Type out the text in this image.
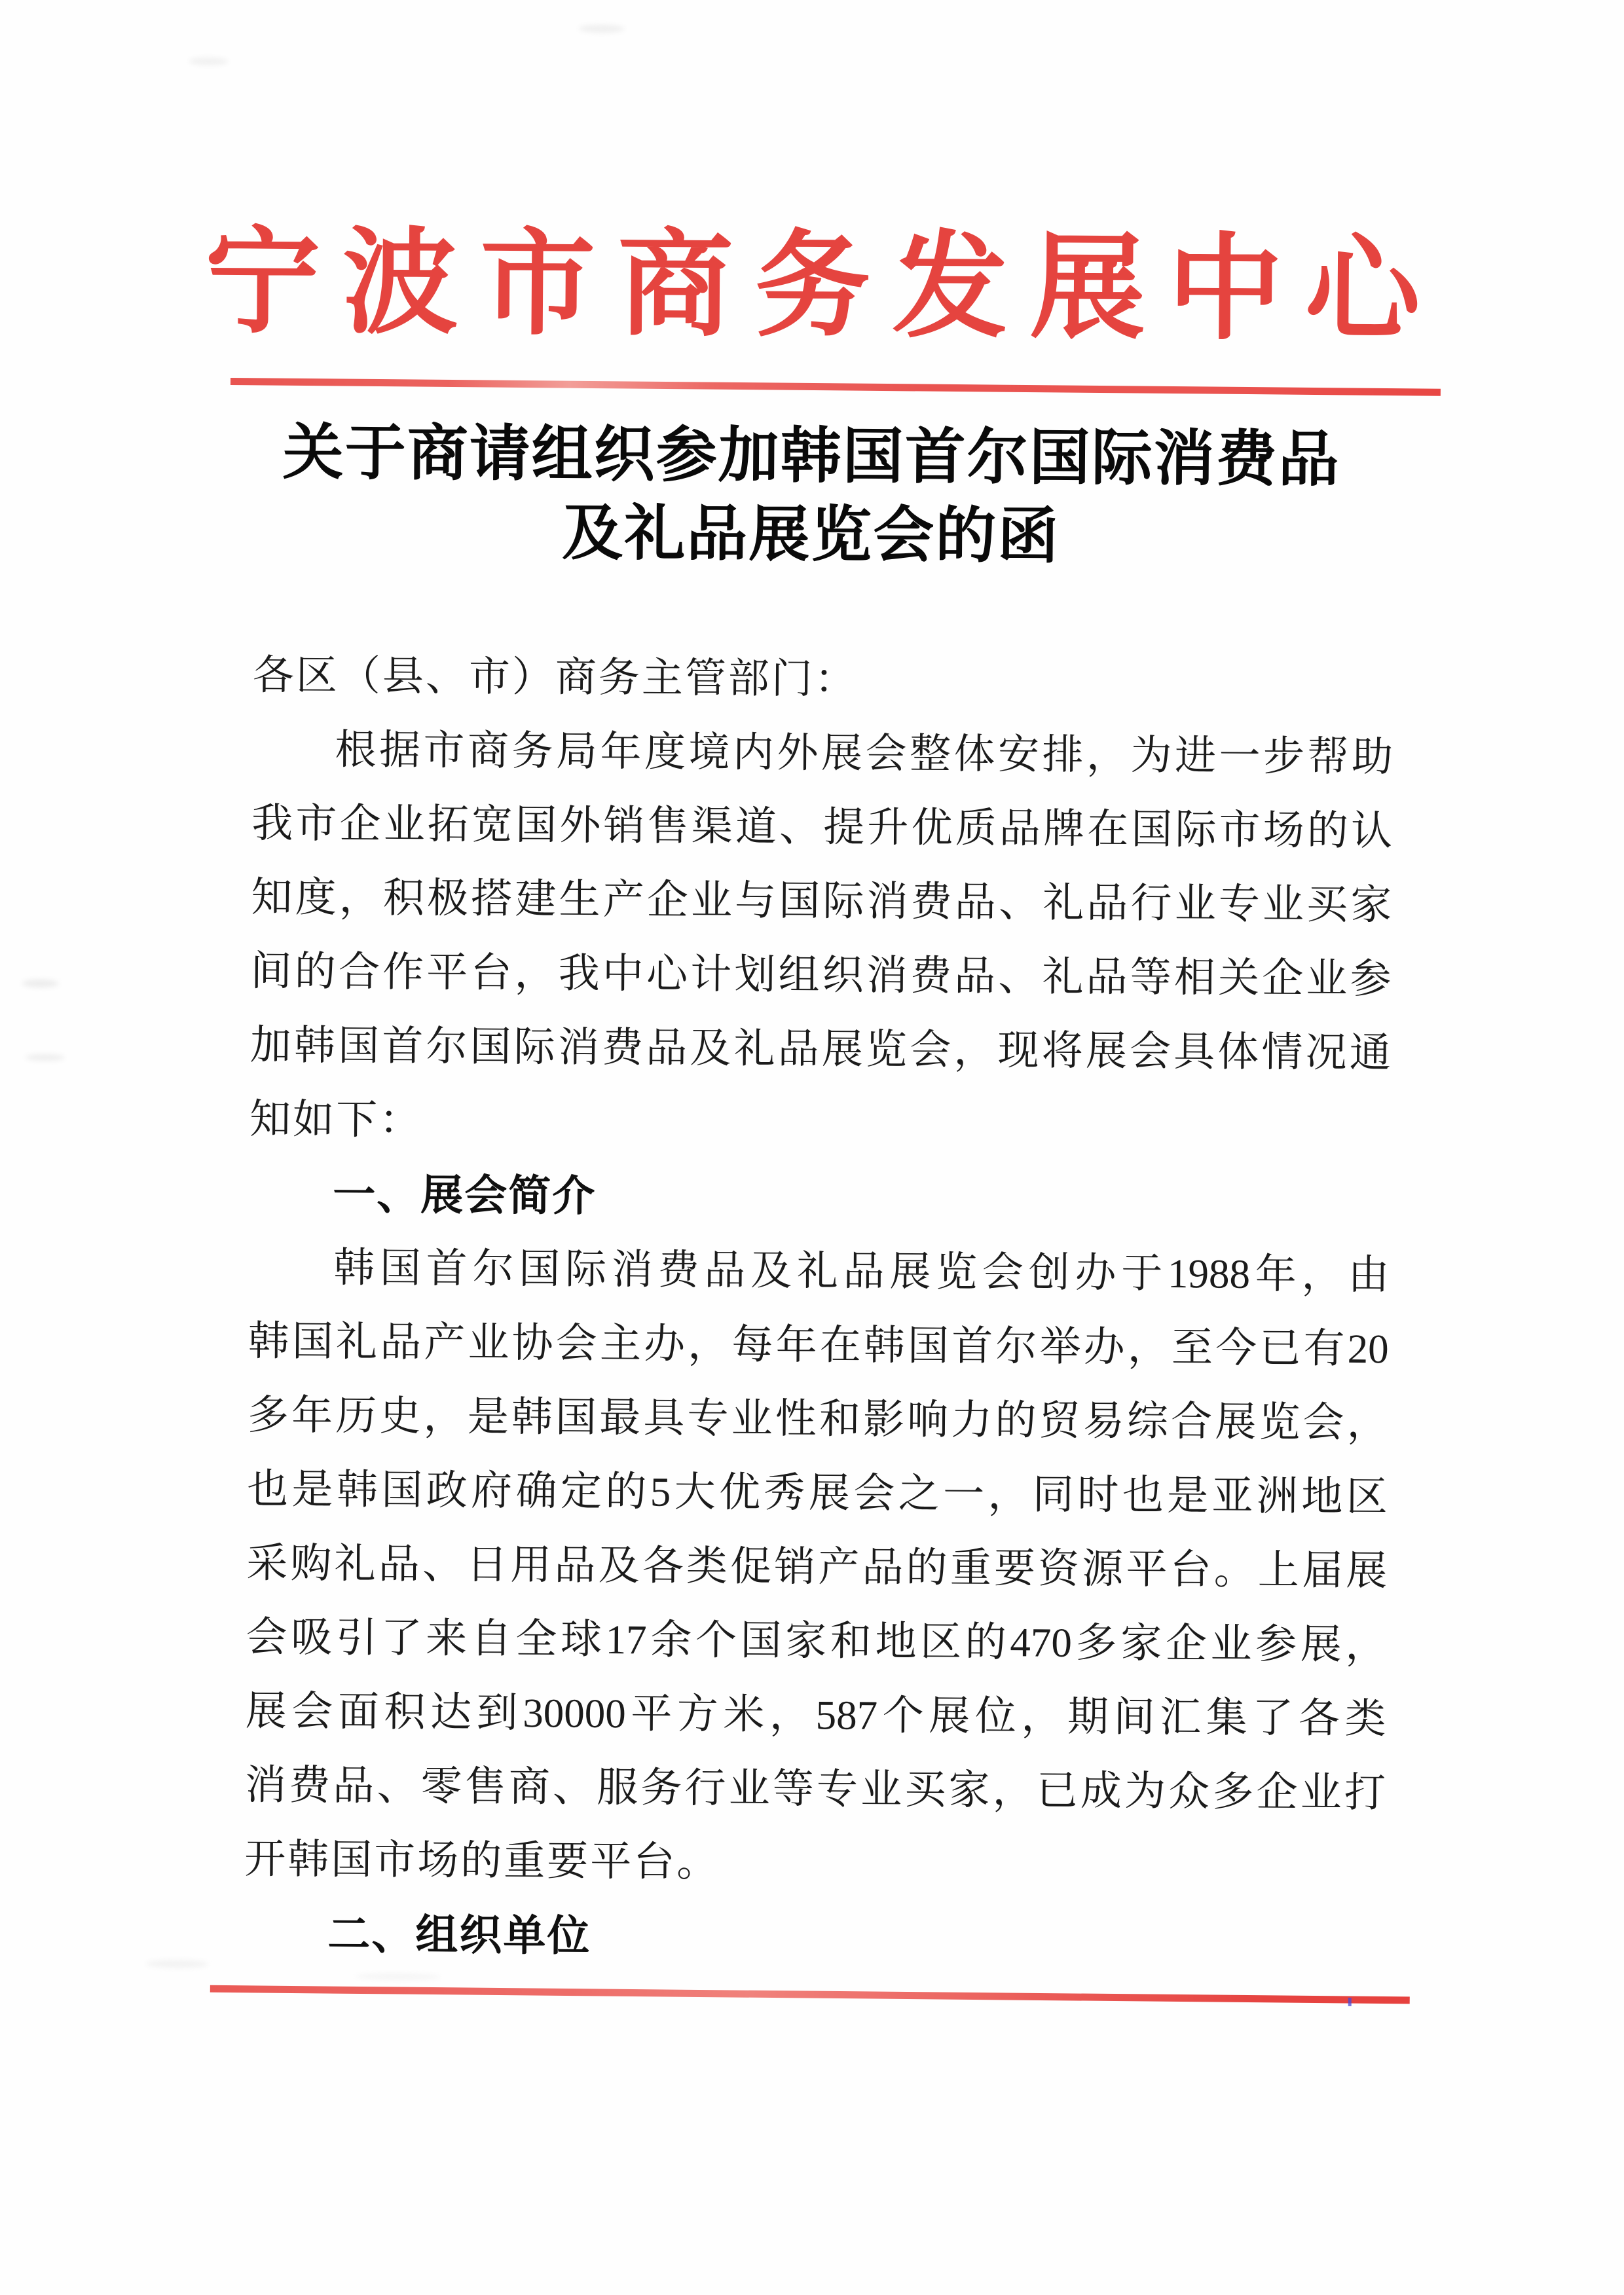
宁波市商务发展中心
关于商请组织参加韩国首尔国际消费品
及礼品展览会的函
各区（县、市）商务主管部门：
根 据 市 商 务 局 年 度 境 内 外 展 会 整 体 安 排 ， 为 进 一 步 帮 助
我 市 企 业 拓 宽 国 外 销 售 渠 道 、 提 升 优 质 品 牌 在 国 际 市 场 的 认
知 度 ， 积 极 搭 建 生 产 企 业 与 国 际 消 费 品 、 礼 品 行 业 专 业 买 家
间 的 合 作 平 台 ， 我 中 心 计 划 组 织 消 费 品 、 礼 品 等 相 关 企 业 参
加 韩 国 首 尔 国 际 消 费 品 及 礼 品 展 览 会 ， 现 将 展 会 具 体 情 况 通
知如下：
一、展会简介
韩 国 首 尔 国 际 消 费 品 及 礼 品 展 览 会 创 办 于 1988 年 ， 由
韩 国 礼 品 产 业 协 会 主 办 ， 每 年 在 韩 国 首 尔 举 办 ， 至 今 已 有 20
多 年 历 史 ， 是 韩 国 最 具 专 业 性 和 影 响 力 的 贸 易 综 合 展 览 会 ，
也 是 韩 国 政 府 确 定 的 5 大 优 秀 展 会 之 一 ， 同 时 也 是 亚 洲 地 区
采 购 礼 品 、 日 用 品 及 各 类 促 销 产 品 的 重 要 资 源 平 台 。 上 届 展
会 吸 引 了 来 自 全 球 17 余 个 国 家 和 地 区 的 470 多 家 企 业 参 展 ，
展 会 面 积 达 到 30000 平 方 米 ， 587 个 展 位 ， 期 间 汇 集 了 各 类
消 费 品 、 零 售 商 、 服 务 行 业 等 专 业 买 家 ， 已 成 为 众 多 企 业 打
开韩国市场的重要平台。
二、组织单位
